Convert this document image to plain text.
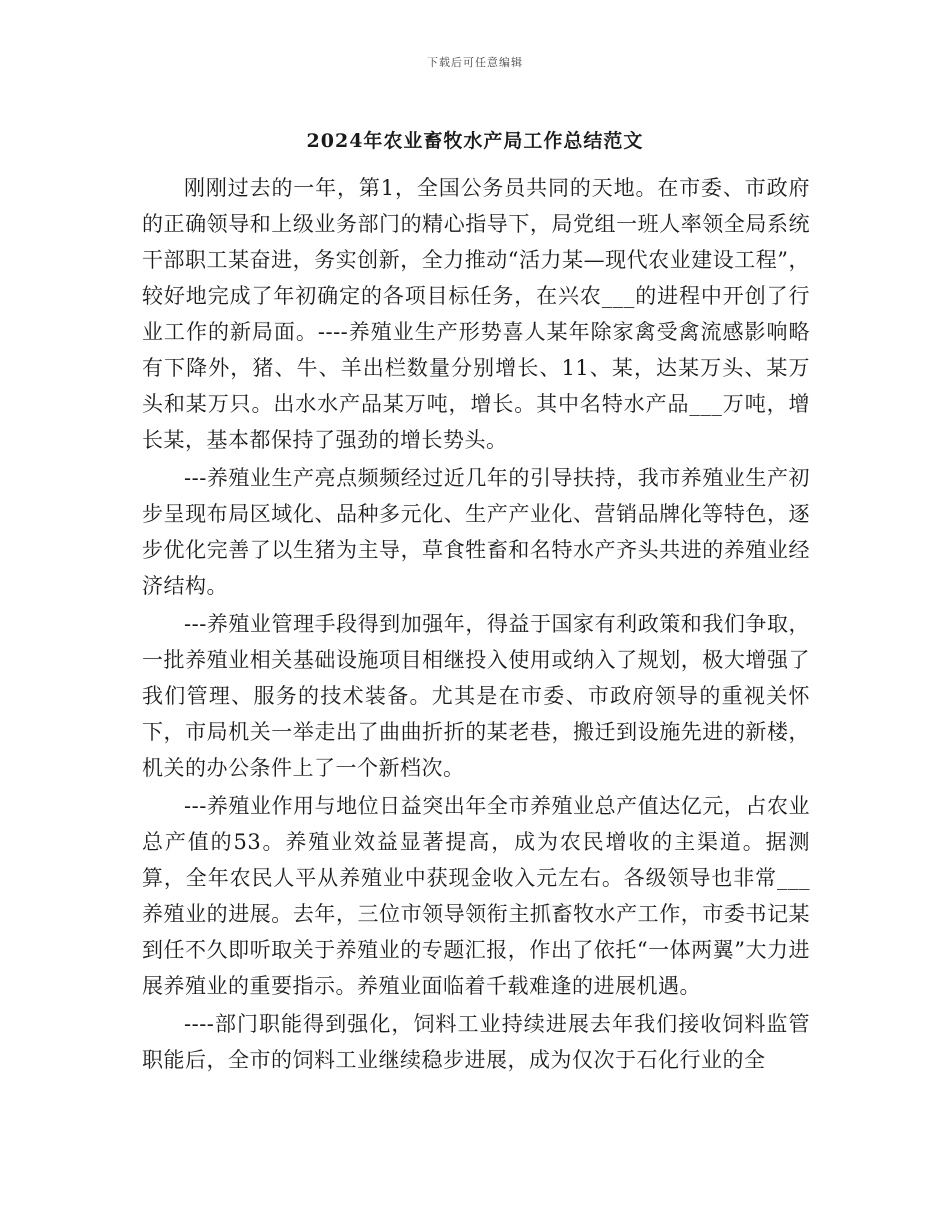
下载后可任意编辑
2024年农业畜牧水产局工作总结范文

刚刚过去的一年，第1，全国公务员共同的天地。在市委、市政府的正确领导和上级业务部门的精心指导下，局党组一班人率领全局系统干部职工某奋进，务实创新，全力推动“活力某—现代农业建设工程”，较好地完成了年初确定的各项目标任务，在兴农___的进程中开创了行业工作的新局面。----养殖业生产形势喜人某年除家禽受禽流感影响略有下降外，猪、牛、羊出栏数量分别增长、11、某，达某万头、某万头和某万只。出水水产品某万吨，增长。其中名特水产品___万吨，增长某，基本都保持了强劲的增长势头。

---养殖业生产亮点频频经过近几年的引导扶持，我市养殖业生产初步呈现布局区域化、品种多元化、生产产业化、营销品牌化等特色，逐步优化完善了以生猪为主导，草食牲畜和名特水产齐头共进的养殖业经济结构。

---养殖业管理手段得到加强年，得益于国家有利政策和我们争取，一批养殖业相关基础设施项目相继投入使用或纳入了规划，极大增强了我们管理、服务的技术装备。尤其是在市委、市政府领导的重视关怀下，市局机关一举走出了曲曲折折的某老巷，搬迁到设施先进的新楼，机关的办公条件上了一个新档次。

---养殖业作用与地位日益突出年全市养殖业总产值达亿元，占农业总产值的53。养殖业效益显著提高，成为农民增收的主渠道。据测算，全年农民人平从养殖业中获现金收入元左右。各级领导也非常___养殖业的进展。去年，三位市领导领衔主抓畜牧水产工作，市委书记某到任不久即听取关于养殖业的专题汇报，作出了依托“一体两翼”大力进展养殖业的重要指示。养殖业面临着千载难逢的进展机遇。

----部门职能得到强化，饲料工业持续进展去年我们接收饲料监管职能后，全市的饲料工业继续稳步进展，成为仅次于石化行业的全
